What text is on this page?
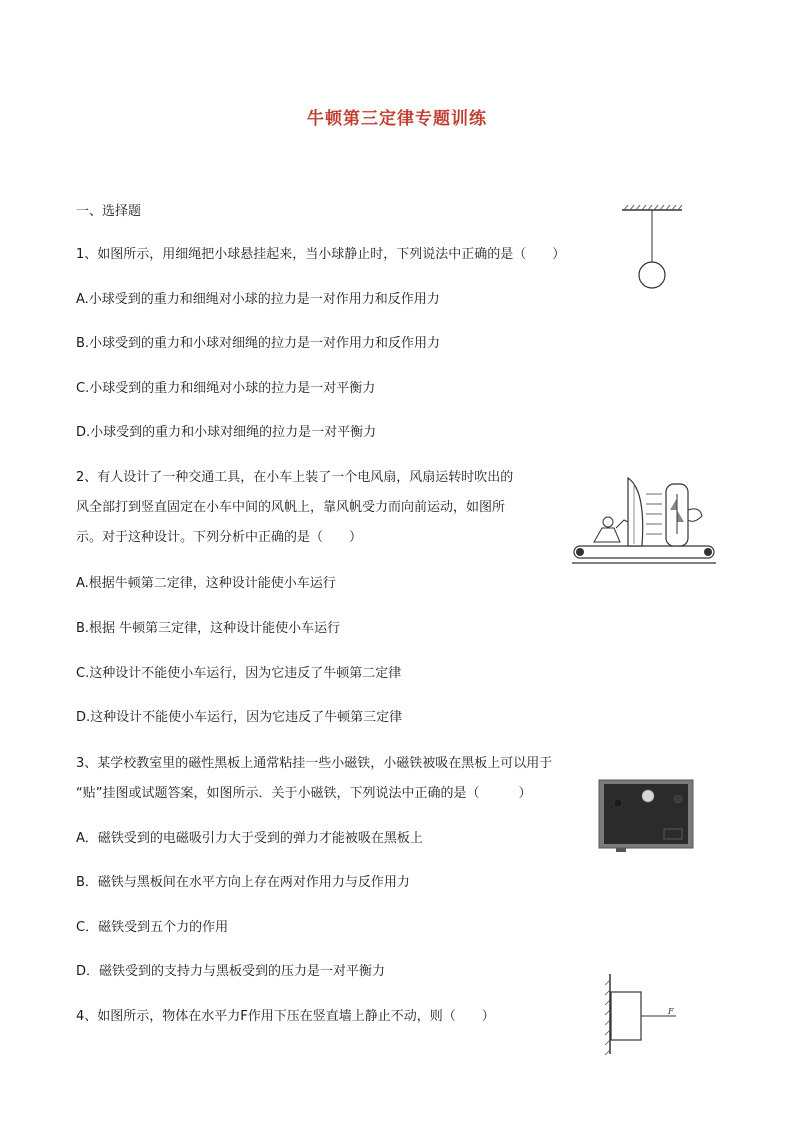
牛顿第三定律专题训练
一、选择题
1、如图所示，用细绳把小球悬挂起来，当小球静止时，下列说法中正确的是（　　）
A.小球受到的重力和细绳对小球的拉力是一对作用力和反作用力
B.小球受到的重力和小球对细绳的拉力是一对作用力和反作用力
C.小球受到的重力和细绳对小球的拉力是一对平衡力
D.小球受到的重力和小球对细绳的拉力是一对平衡力
2、有人设计了一种交通工具，在小车上装了一个电风扇，风扇运转时吹出的
风全部打到竖直固定在小车中间的风帆上，靠风帆受力而向前运动，如图所
示。对于这种设计。下列分析中正确的是（　　）
A.根据牛顿第二定律，这种设计能使小车运行
B.根据 牛顿第三定律，这种设计能使小车运行
C.这种设计不能使小车运行，因为它违反了牛顿第二定律
D.这种设计不能使小车运行，因为它违反了牛顿第三定律
3、某学校教室里的磁性黑板上通常粘挂一些小磁铁，小磁铁被吸在黑板上可以用于
“贴”挂图或试题答案，如图所示．关于小磁铁，下列说法中正确的是（　　　）
A．磁铁受到的电磁吸引力大于受到的弹力才能被吸在黑板上
B．磁铁与黑板间在水平方向上存在两对作用力与反作用力
C．磁铁受到五个力的作用
D．磁铁受到的支持力与黑板受到的压力是一对平衡力
4、如图所示，物体在水平力F作用下压在竖直墙上静止不动，则（　　）	F
